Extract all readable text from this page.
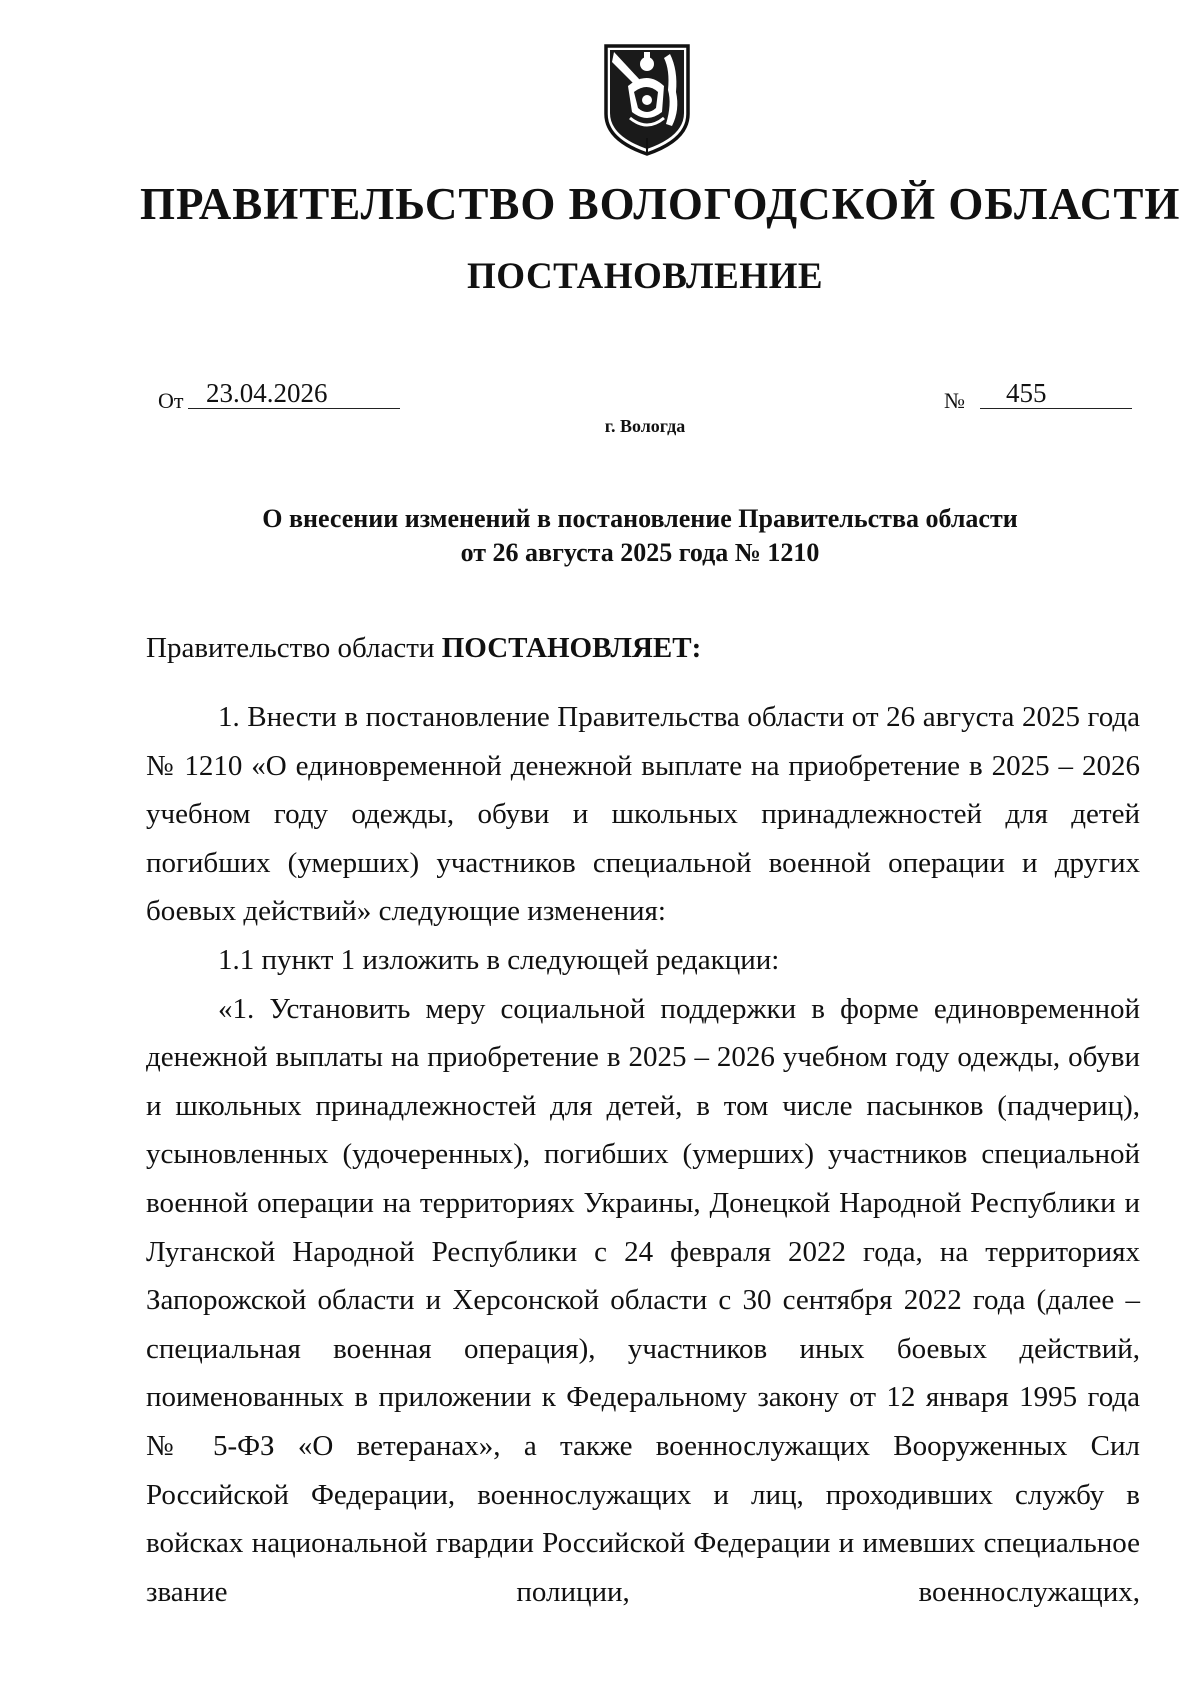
ПРАВИТЕЛЬСТВО ВОЛОГОДСКОЙ ОБЛАСТИ
ПОСТАНОВЛЕНИЕ
От 23.04.2026	№	455
г. Вологда
О внесении изменений в постановление Правительства области
от 26 августа 2025 года № 1210
Правительство области ПОСТАНОВЛЯЕТ:

1. Внести в постановление Правительства области от 26 августа 2025 года № 1210 «О единовременной денежной выплате на приобретение в 2025 – 2026 учебном году одежды, обуви и школьных принадлежностей для детей погибших (умерших) участников специальной военной операции и других боевых действий» следующие изменения:

1.1 пункт 1 изложить в следующей редакции:

«1. Установить меру социальной поддержки в форме единовременной денежной выплаты на приобретение в 2025 – 2026 учебном году одежды, обуви и школьных принадлежностей для детей, в том числе пасынков (падчериц), усыновленных (удочеренных), погибших (умерших) участников специальной военной операции на территориях Украины, Донецкой Народной Республики и Луганской Народной Республики с 24 февраля 2022 года, на территориях Запорожской области и Херсонской области с 30 сентября 2022 года (далее – специальная военная операция), участников иных боевых действий, поименованных в приложении к Федеральному закону от 12 января 1995 года № 5-ФЗ «О ветеранах», а также военнослужащих Вооруженных Сил Российской Федерации, военнослужащих и лиц, проходивших службу в войсках национальной гвардии Российской Федерации и имевших специальное звание полиции, военнослужащих,
